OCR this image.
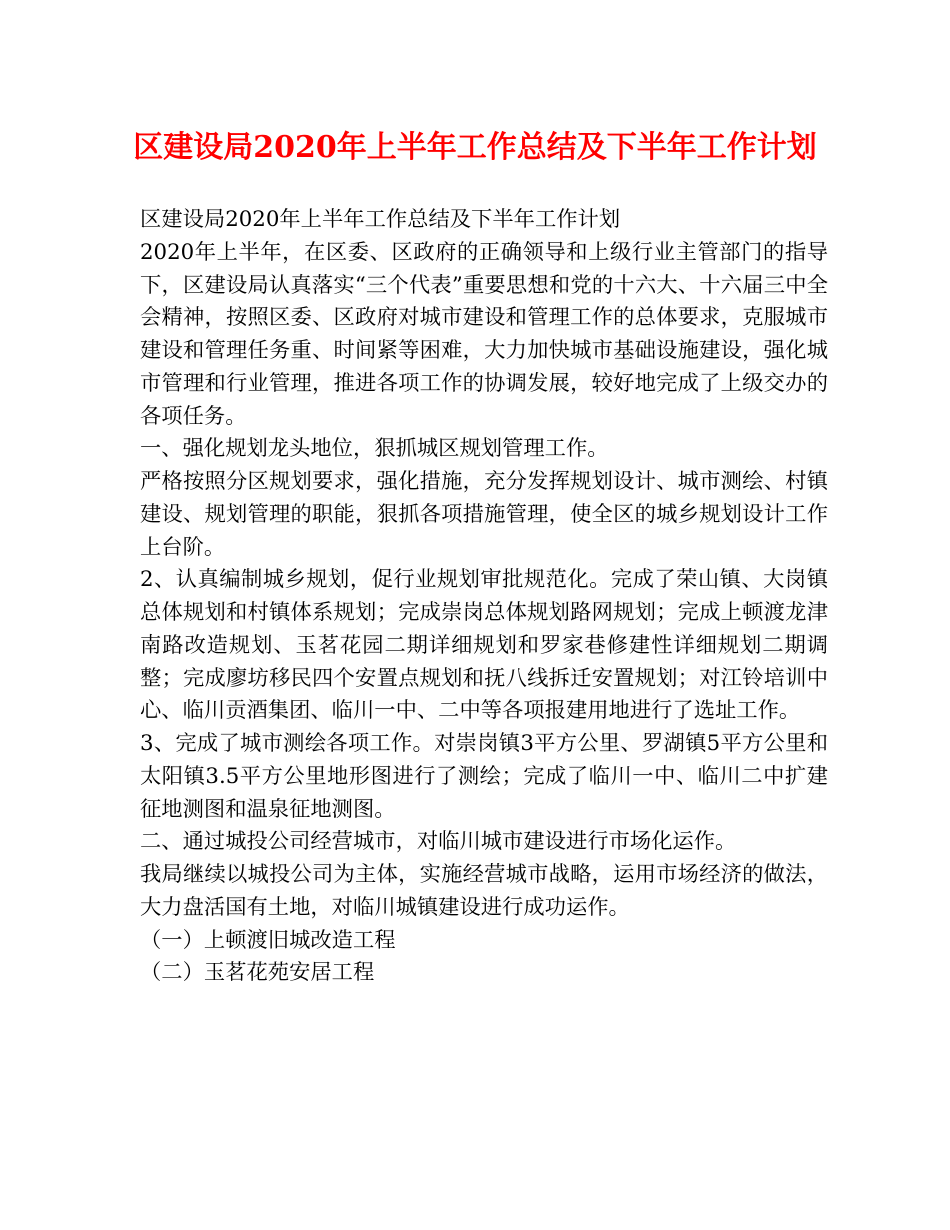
区建设局2020年上半年工作总结及下半年工作计划

区建设局2020年上半年工作总结及下半年工作计划

2020年上半年，在区委、区政府的正确领导和上级行业主管部门的指导下，区建设局认真落实“三个代表”重要思想和党的十六大、十六届三中全会精神，按照区委、区政府对城市建设和管理工作的总体要求，克服城市建设和管理任务重、时间紧等困难，大力加快城市基础设施建设，强化城市管理和行业管理，推进各项工作的协调发展，较好地完成了上级交办的各项任务。

一、强化规划龙头地位，狠抓城区规划管理工作。

严格按照分区规划要求，强化措施，充分发挥规划设计、城市测绘、村镇建设、规划管理的职能，狠抓各项措施管理，使全区的城乡规划设计工作上台阶。

2、认真编制城乡规划，促行业规划审批规范化。完成了荣山镇、大岗镇总体规划和村镇体系规划；完成崇岗总体规划路网规划；完成上顿渡龙津南路改造规划、玉茗花园二期详细规划和罗家巷修建性详细规划二期调整；完成廖坊移民四个安置点规划和抚八线拆迁安置规划；对江铃培训中心、临川贡酒集团、临川一中、二中等各项报建用地进行了选址工作。

3、完成了城市测绘各项工作。对崇岗镇3平方公里、罗湖镇5平方公里和太阳镇3.5平方公里地形图进行了测绘；完成了临川一中、临川二中扩建征地测图和温泉征地测图。

二、通过城投公司经营城市，对临川城市建设进行市场化运作。

我局继续以城投公司为主体，实施经营城市战略，运用市场经济的做法，大力盘活国有土地，对临川城镇建设进行成功运作。

（一）上顿渡旧城改造工程

（二）玉茗花苑安居工程
